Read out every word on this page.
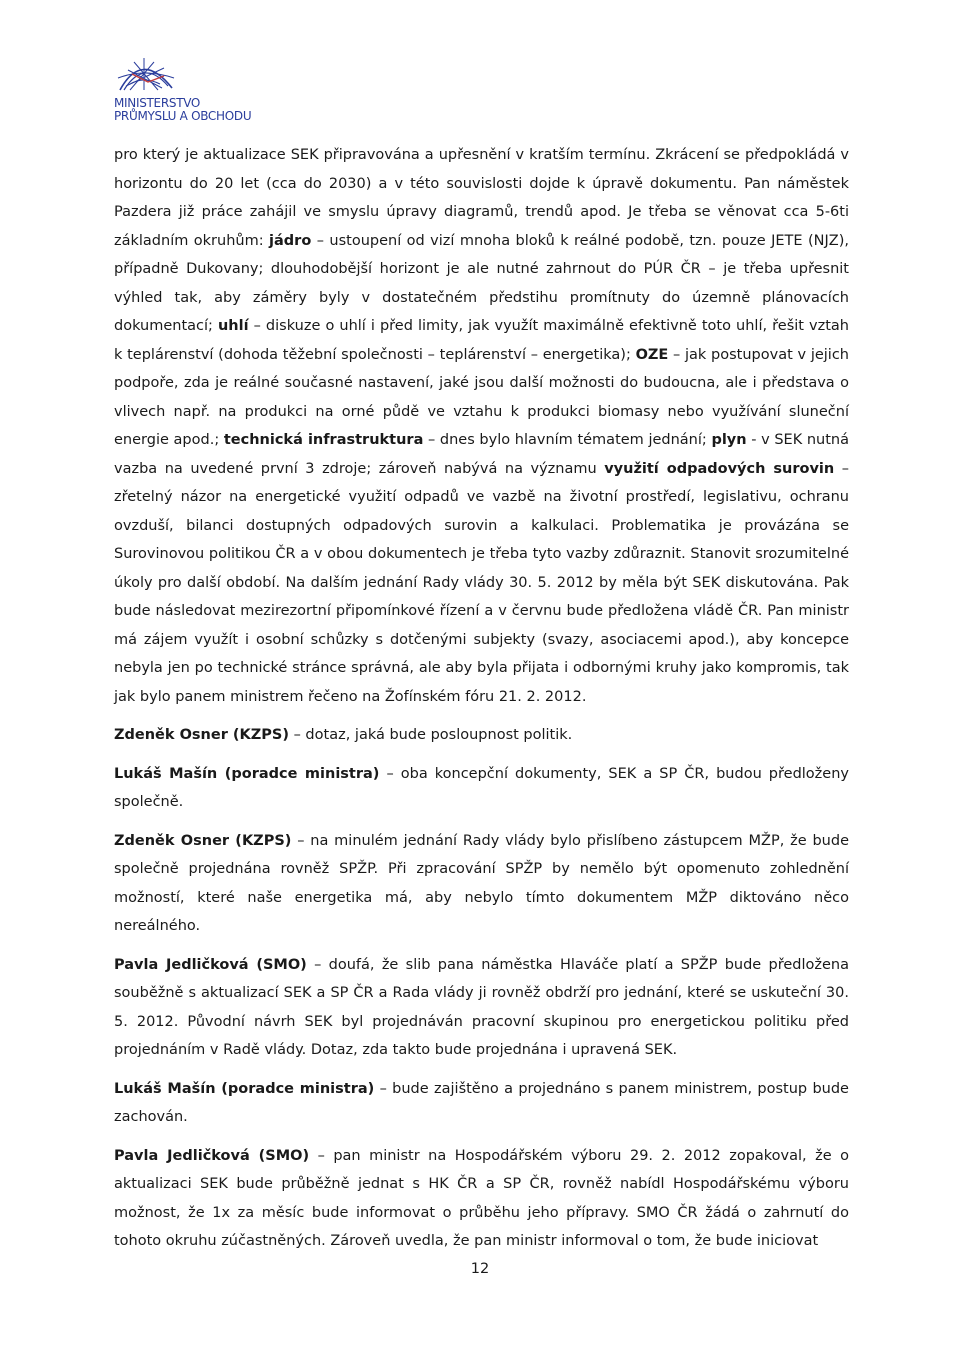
MINISTERSTVO
PRŮMYSLU A OBCHODU

pro který je aktualizace SEK připravována a upřesnění v kratším termínu. Zkrácení se předpokládá v horizontu do 20 let (cca do 2030) a v této souvislosti dojde k úpravě dokumentu. Pan náměstek Pazdera již práce zahájil ve smyslu úpravy diagramů, trendů apod. Je třeba se věnovat cca 5-6ti základním okruhům: jádro – ustoupení od vizí mnoha bloků k reálné podobě, tzn. pouze JETE (NJZ), případně Dukovany; dlouhodobější horizont je ale nutné zahrnout do PÚR ČR – je třeba upřesnit výhled tak, aby záměry byly v dostatečném předstihu promítnuty do územně plánovacích dokumentací; uhlí – diskuze o uhlí i před limity, jak využít maximálně efektivně toto uhlí, řešit vztah k teplárenství (dohoda těžební společnosti – teplárenství – energetika); OZE – jak postupovat v jejich podpoře, zda je reálné současné nastavení, jaké jsou další možnosti do budoucna, ale i představa o vlivech např. na produkci na orné půdě ve vztahu k produkci biomasy nebo využívání sluneční energie apod.; technická infrastruktura – dnes bylo hlavním tématem jednání; plyn - v SEK nutná vazba na uvedené první 3 zdroje; zároveň nabývá na významu využití odpadových surovin – zřetelný názor na energetické využití odpadů ve vazbě na životní prostředí, legislativu, ochranu ovzduší, bilanci dostupných odpadových surovin a kalkulaci. Problematika je provázána se Surovinovou politikou ČR a v obou dokumentech je třeba tyto vazby zdůraznit. Stanovit srozumitelné úkoly pro další období. Na dalším jednání Rady vlády 30. 5. 2012 by měla být SEK diskutována. Pak bude následovat mezirezortní připomínkové řízení a v červnu bude předložena vládě ČR. Pan ministr má zájem využít i osobní schůzky s dotčenými subjekty (svazy, asociacemi apod.), aby koncepce nebyla jen po technické stránce správná, ale aby byla přijata i odbornými kruhy jako kompromis, tak jak bylo panem ministrem řečeno na Žofínském fóru 21. 2. 2012.

Zdeněk Osner (KZPS) – dotaz, jaká bude posloupnost politik.

Lukáš Mašín (poradce ministra) – oba koncepční dokumenty, SEK a SP ČR, budou předloženy společně.

Zdeněk Osner (KZPS) – na minulém jednání Rady vlády bylo přislíbeno zástupcem MŽP, že bude společně projednána rovněž SPŽP. Při zpracování SPŽP by nemělo být opomenuto zohlednění možností, které naše energetika má, aby nebylo tímto dokumentem MŽP diktováno něco nereálného.

Pavla Jedličková (SMO) – doufá, že slib pana náměstka Hlaváče platí a SPŽP bude předložena souběžně s aktualizací SEK a SP ČR a Rada vlády ji rovněž obdrží pro jednání, které se uskuteční 30. 5. 2012. Původní návrh SEK byl projednáván pracovní skupinou pro energetickou politiku před projednáním v Radě vlády. Dotaz, zda takto bude projednána i upravená SEK.

Lukáš Mašín (poradce ministra) – bude zajištěno a projednáno s panem ministrem, postup bude zachován.

Pavla Jedličková (SMO) – pan ministr na Hospodářském výboru 29. 2. 2012 zopakoval, že o aktualizaci SEK bude průběžně jednat s HK ČR a SP ČR, rovněž nabídl Hospodářskému výboru možnost, že 1x za měsíc bude informovat o průběhu jeho přípravy. SMO ČR žádá o zahrnutí do tohoto okruhu zúčastněných. Zároveň uvedla, že pan ministr informoval o tom, že bude iniciovat

12
